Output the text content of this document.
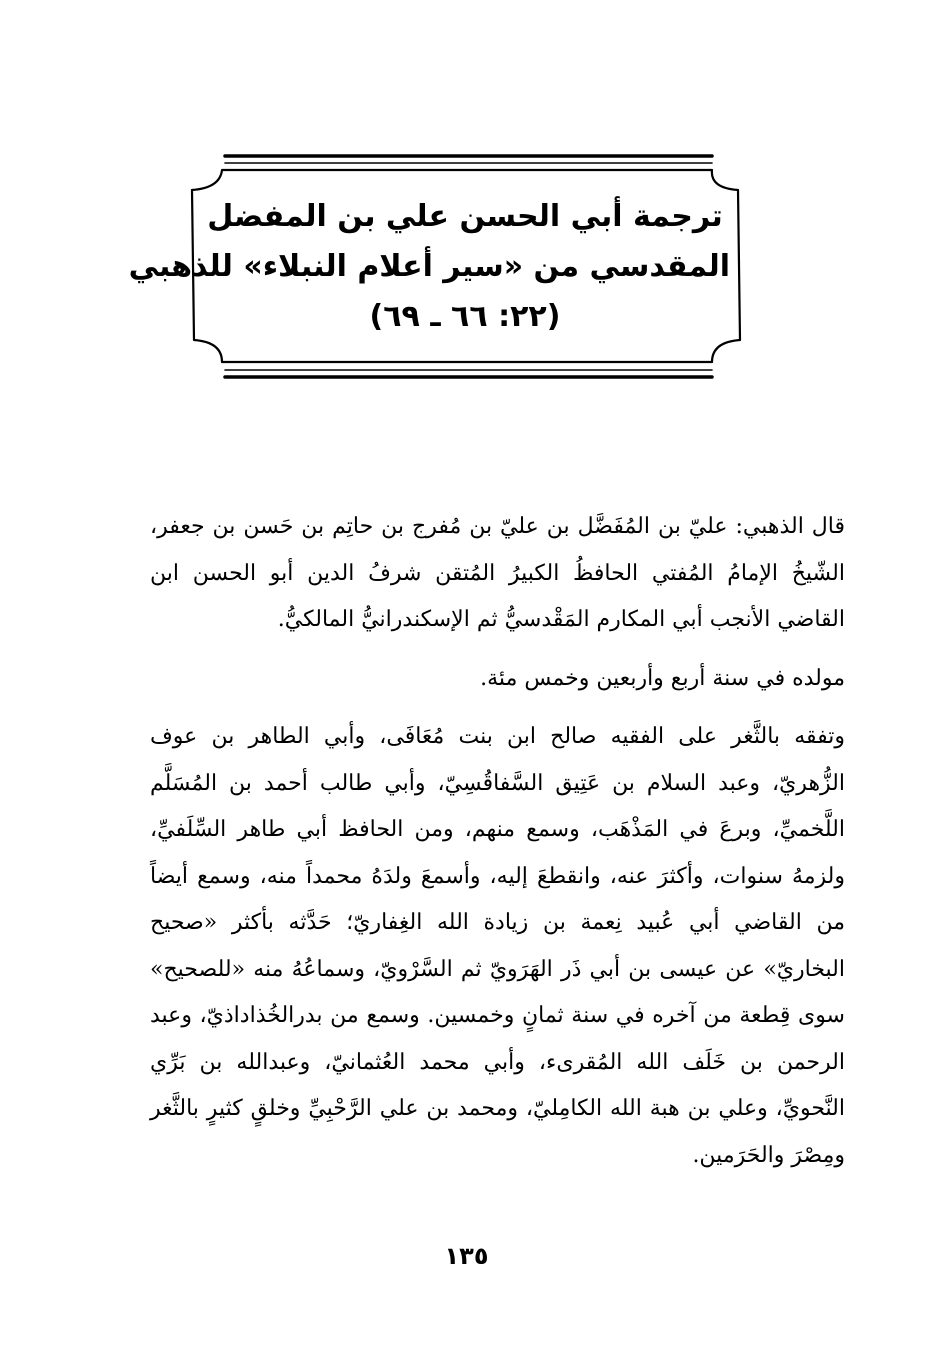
ترجمة أبي الحسن علي بن المفضل
المقدسي من «سير أعلام النبلاء» للذهبي
(٢٢: ٦٦ ـ ٦٩)

قال الذهبي: عليّ بن المُفَضَّل بن عليّ بن مُفرج بن حاتِم بن حَسن بن جعفر، الشّيخُ الإمامُ المُفتي الحافظُ الكبيرُ المُتقن شرفُ الدين أبو الحسن ابن القاضي الأنجب أبي المكارم المَقْدسيُّ ثم الإسكندرانيُّ المالكيُّ.

مولده في سنة أربع وأربعين وخمس مئة.

وتفقه بالثَّغر على الفقيه صالح ابن بنت مُعَافَى، وأبي الطاهر بن عوف الزُّهريّ، وعبد السلام بن عَتِيق السَّفاقُسِيّ، وأبي طالب أحمد بن المُسَلَّم اللَّخميِّ، وبرعَ في المَذْهَب، وسمع منهم، ومن الحافظ أبي طاهر السِّلَفيِّ، ولزمهُ سنوات، وأكثرَ عنه، وانقطعَ إليه، وأسمعَ ولدَهُ محمداً منه، وسمع أيضاً من القاضي أبي عُبيد نِعمة بن زيادة الله الغِفاريّ؛ حَدَّثه بأكثر «صحيح البخاريّ» عن عيسى بن أبي ذَر الهَرَويّ ثم السَّرْويّ، وسماعُهُ منه «للصحيح» سوى قِطعة من آخره في سنة ثمانٍ وخمسين. وسمع من بدرالخُذاداذيّ، وعبد الرحمن بن خَلَف الله المُقرىء، وأبي محمد العُثمانيّ، وعبدالله بن بَرِّي النَّحويِّ، وعلي بن هبة الله الكامِليّ، ومحمد بن علي الرَّحْبِيِّ وخلقٍ كثيرٍ بالثَّغر ومِصْرَ والحَرَمين.

١٣٥
